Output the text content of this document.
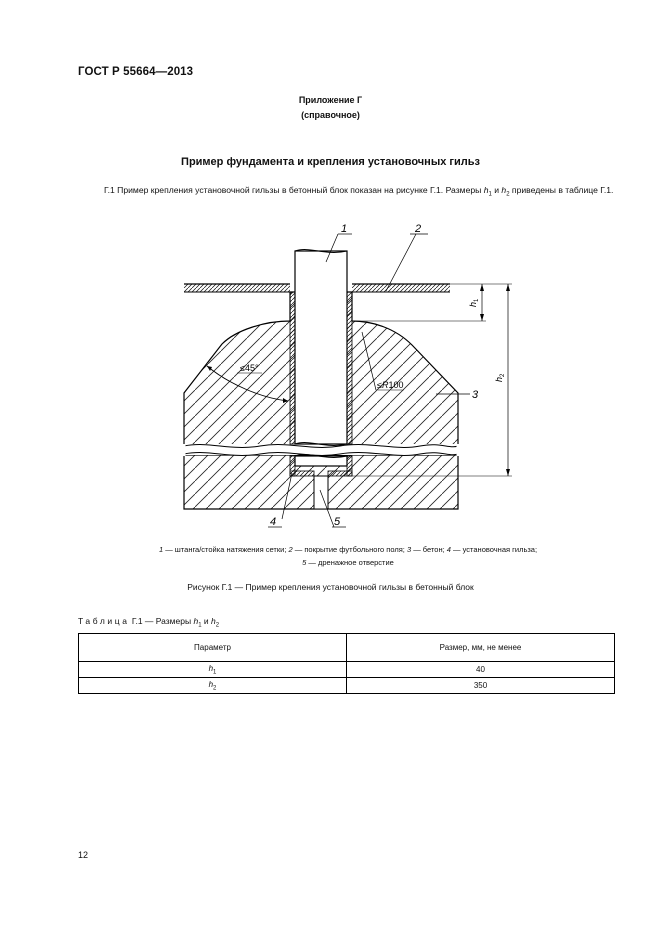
ГОСТ Р 55664—2013
Приложение Г
(справочное)
Пример фундамента и крепления установочных гильз
Г.1 Пример крепления установочной гильзы в бетонный блок показан на рисунке Г.1. Размеры $h_1$ и $h_2$ приведены в таблице Г.1.
≤45°
≤R100
$h_1$
$h_2$
1	2
3
4	5
1 — штанга/стойка натяжения сетки; 2 — покрытие футбольного поля; 3 — бетон; 4 — установочная гильза;
5 — дренажное отверстие
Рисунок Г.1 — Пример крепления установочной гильзы в бетонный блок
Таблица Г.1 — Размеры $h_1$ и $h_2$
Параметр	Размер, мм, не менее
$h_1$	40
$h_2$	350
12
